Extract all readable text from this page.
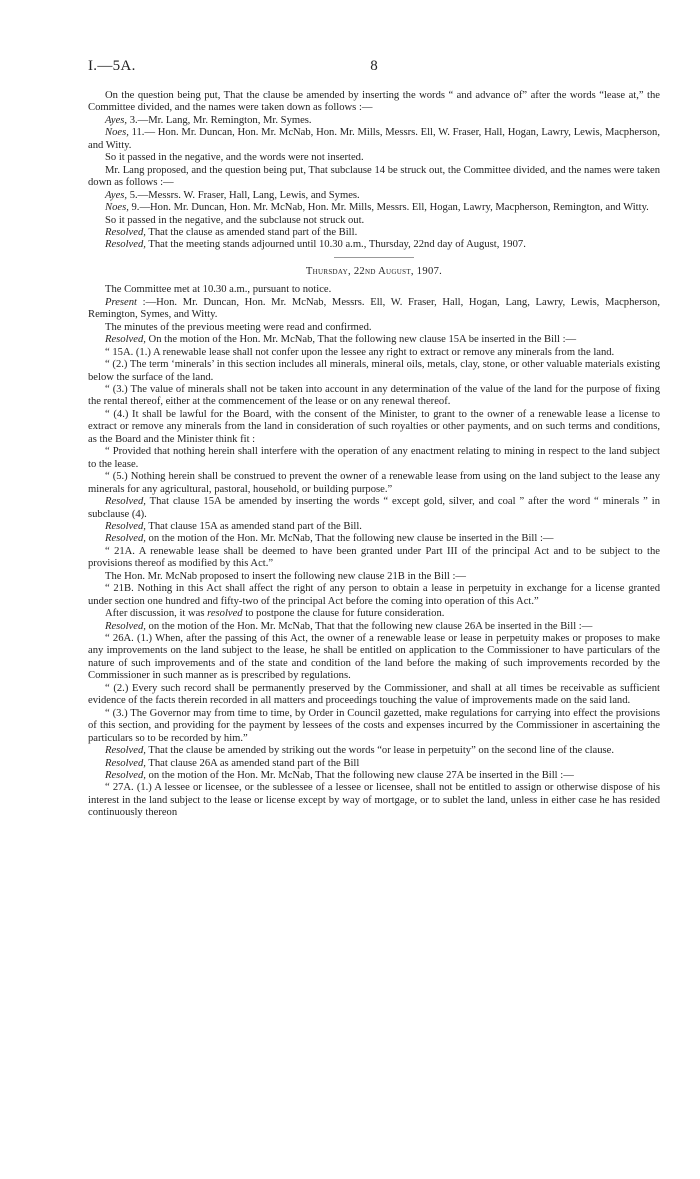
I.—5A.	8

On the question being put, That the clause be amended by inserting the words “ and advance of” after the words “lease at,” the Committee divided, and the names were taken down as follows :—

Ayes, 3.—Mr. Lang, Mr. Remington, Mr. Symes.

Noes, 11.— Hon. Mr. Duncan, Hon. Mr. McNab, Hon. Mr. Mills, Messrs. Ell, W. Fraser, Hall, Hogan, Lawry, Lewis, Macpherson, and Witty.

So it passed in the negative, and the words were not inserted.

Mr. Lang proposed, and the question being put, That subclause 14 be struck out, the Committee divided, and the names were taken down as follows :—

Ayes, 5.—Messrs. W. Fraser, Hall, Lang, Lewis, and Symes.

Noes, 9.—Hon. Mr. Duncan, Hon. Mr. McNab, Hon. Mr. Mills, Messrs. Ell, Hogan, Lawry, Macpherson, Remington, and Witty.

So it passed in the negative, and the subclause not struck out.

Resolved, That the clause as amended stand part of the Bill.

Resolved, That the meeting stands adjourned until 10.30 a.m., Thursday, 22nd day of August, 1907.

Thursday, 22nd August, 1907.

The Committee met at 10.30 a.m., pursuant to notice.

Present :—Hon. Mr. Duncan, Hon. Mr. McNab, Messrs. Ell, W. Fraser, Hall, Hogan, Lang, Lawry, Lewis, Macpherson, Remington, Symes, and Witty.

The minutes of the previous meeting were read and confirmed.

Resolved, On the motion of the Hon. Mr. McNab, That the following new clause 15A be inserted in the Bill :—

“ 15A. (1.) A renewable lease shall not confer upon the lessee any right to extract or remove any minerals from the land.

“ (2.) The term ‘minerals’ in this section includes all minerals, mineral oils, metals, clay, stone, or other valuable materials existing below the surface of the land.

“ (3.) The value of minerals shall not be taken into account in any determination of the value of the land for the purpose of fixing the rental thereof, either at the commencement of the lease or on any renewal thereof.

“ (4.) It shall be lawful for the Board, with the consent of the Minister, to grant to the owner of a renewable lease a license to extract or remove any minerals from the land in consideration of such royalties or other payments, and on such terms and conditions, as the Board and the Minister think fit :

“ Provided that nothing herein shall interfere with the operation of any enactment relating to mining in respect to the land subject to the lease.

“ (5.) Nothing herein shall be construed to prevent the owner of a renewable lease from using on the land subject to the lease any minerals for any agricultural, pastoral, household, or building purpose.”

Resolved, That clause 15A be amended by inserting the words “ except gold, silver, and coal ” after the word “ minerals ” in subclause (4).

Resolved, That clause 15A as amended stand part of the Bill.

Resolved, on the motion of the Hon. Mr. McNab, That the following new clause be inserted in the Bill :—

“ 21A. A renewable lease shall be deemed to have been granted under Part III of the principal Act and to be subject to the provisions thereof as modified by this Act.”

The Hon. Mr. McNab proposed to insert the following new clause 21B in the Bill :—

“ 21B. Nothing in this Act shall affect the right of any person to obtain a lease in perpetuity in exchange for a license granted under section one hundred and fifty-two of the principal Act before the coming into operation of this Act.”

After discussion, it was resolved to postpone the clause for future consideration.

Resolved, on the motion of the Hon. Mr. McNab, That that the following new clause 26A be inserted in the Bill :—

“ 26A. (1.) When, after the passing of this Act, the owner of a renewable lease or lease in perpetuity makes or proposes to make any improvements on the land subject to the lease, he shall be entitled on application to the Commissioner to have particulars of the nature of such improvements and of the state and condition of the land before the making of such improvements recorded by the Commissioner in such manner as is prescribed by regulations.

“ (2.) Every such record shall be permanently preserved by the Commissioner, and shall at all times be receivable as sufficient evidence of the facts therein recorded in all matters and proceedings touching the value of improvements made on the said land.

“ (3.) The Governor may from time to time, by Order in Council gazetted, make regulations for carrying into effect the provisions of this section, and providing for the payment by lessees of the costs and expenses incurred by the Commissioner in ascertaining the particulars so to be recorded by him.”

Resolved, That the clause be amended by striking out the words “or lease in perpetuity” on the second line of the clause.

Resolved, That clause 26A as amended stand part of the Bill

Resolved, on the motion of the Hon. Mr. McNab, That the following new clause 27A be inserted in the Bill :—

“ 27A. (1.) A lessee or licensee, or the sublessee of a lessee or licensee, shall not be entitled to assign or otherwise dispose of his interest in the land subject to the lease or license except by way of mortgage, or to sublet the land, unless in either case he has resided continuously thereon
